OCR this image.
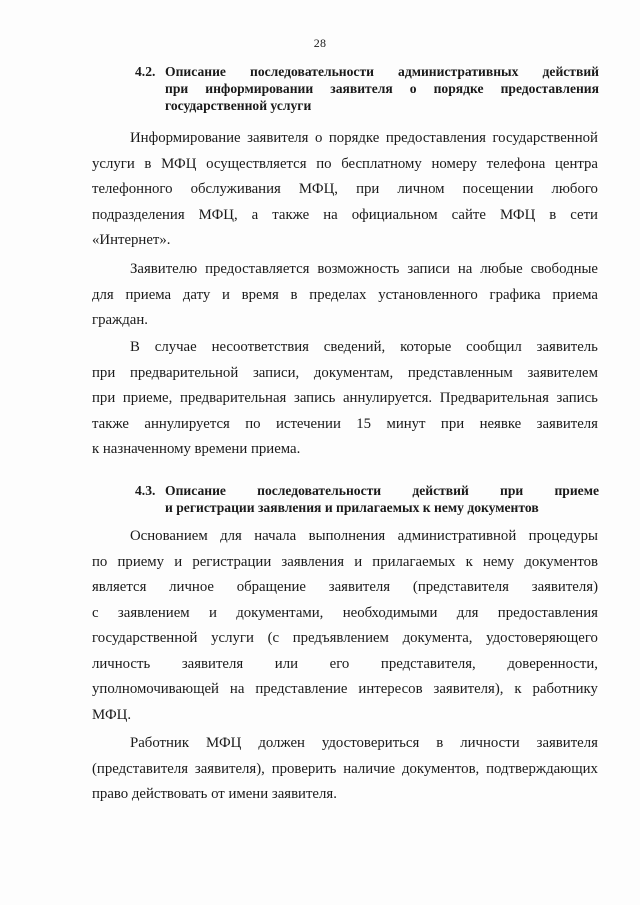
28
4.2. Описание последовательности административных действий
при информировании заявителя о порядке предоставления
государственной услуги
Информирование заявителя о порядке предоставления государственной
услуги в МФЦ осуществляется по бесплатному номеру телефона центра
телефонного обслуживания МФЦ, при личном посещении любого
подразделения МФЦ, а также на официальном сайте МФЦ в сети
«Интернет».
Заявителю предоставляется возможность записи на любые свободные
для приема дату и время в пределах установленного графика приема
граждан.
В случае несоответствия сведений, которые сообщил заявитель
при предварительной записи, документам, представленным заявителем
при приеме, предварительная запись аннулируется. Предварительная запись
также аннулируется по истечении 15 минут при неявке заявителя
к назначенному времени приема.
4.3. Описание последовательности действий при приеме
и регистрации заявления и прилагаемых к нему документов
Основанием для начала выполнения административной процедуры
по приему и регистрации заявления и прилагаемых к нему документов
является личное обращение заявителя (представителя заявителя)
с заявлением и документами, необходимыми для предоставления
государственной услуги (с предъявлением документа, удостоверяющего
личность заявителя или его представителя, доверенности,
уполномочивающей на представление интересов заявителя), к работнику
МФЦ.
Работник МФЦ должен удостовериться в личности заявителя
(представителя заявителя), проверить наличие документов, подтверждающих
право действовать от имени заявителя.
